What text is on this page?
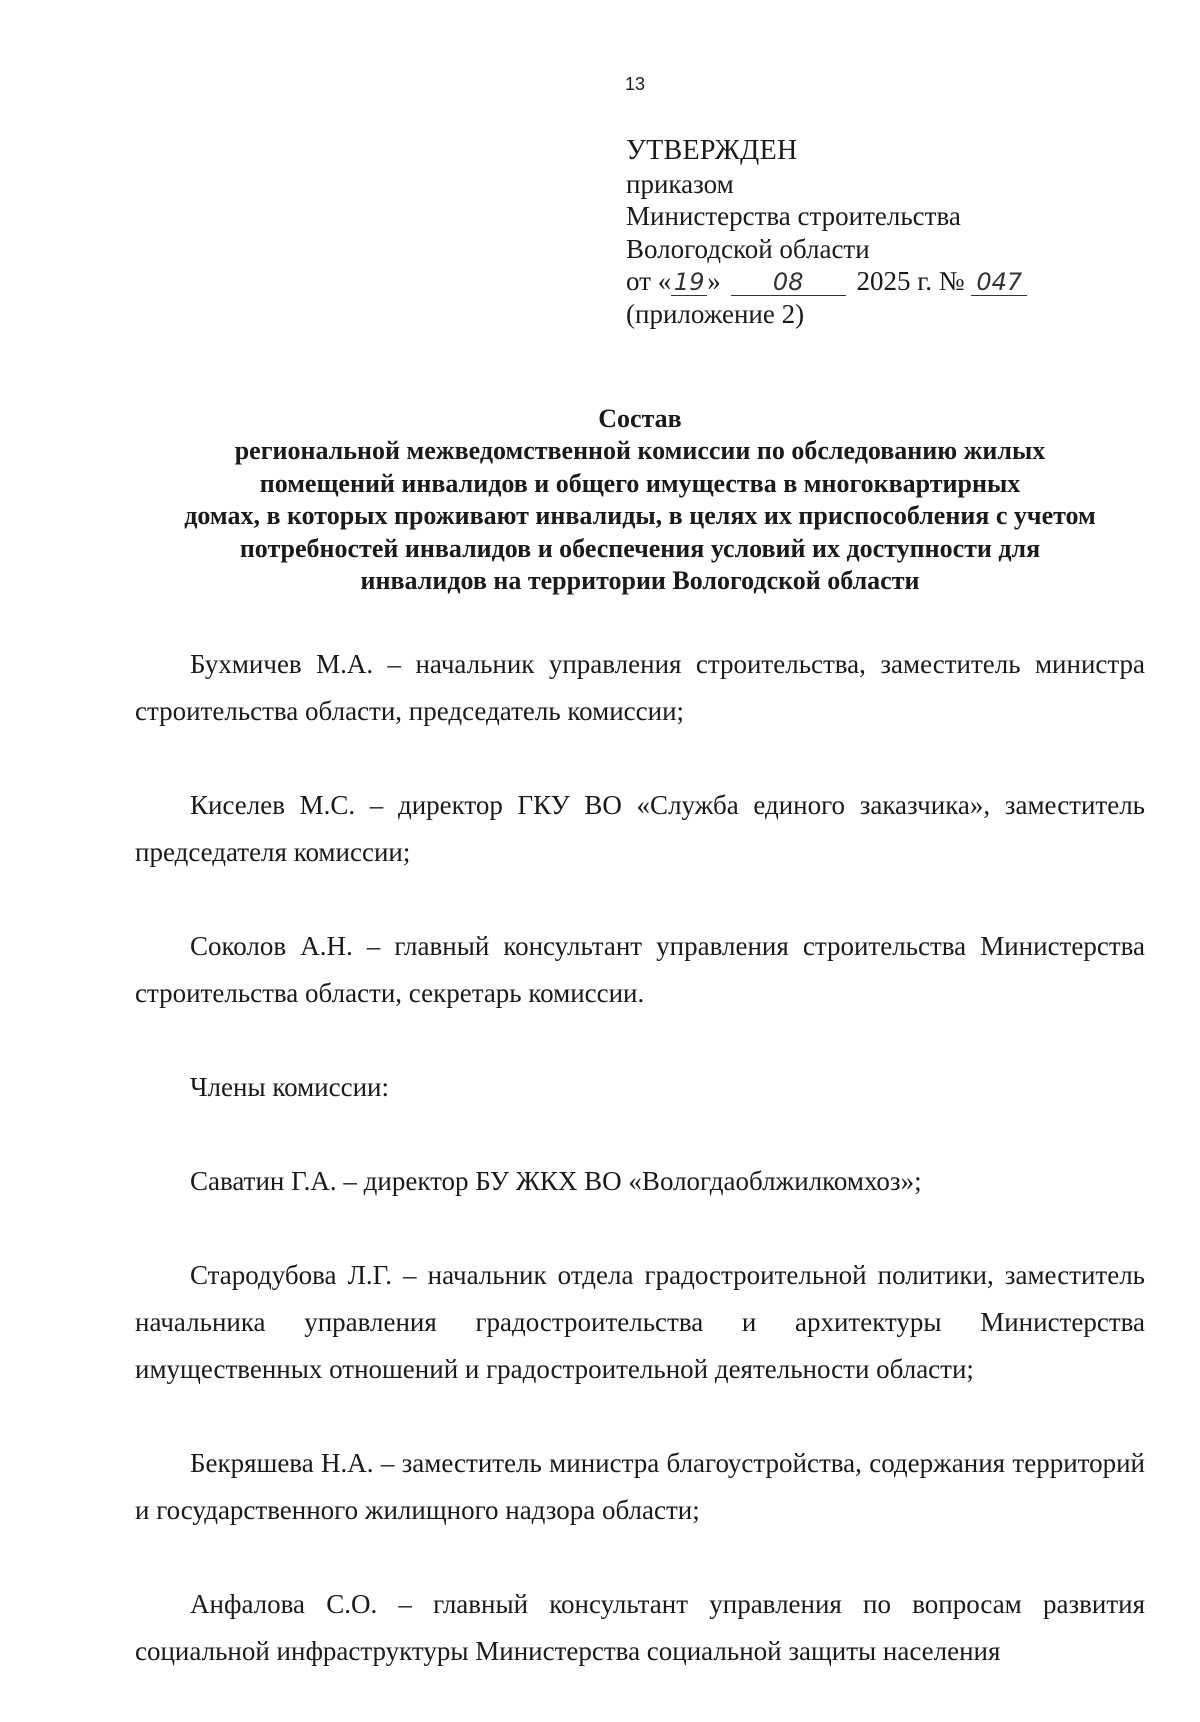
13
УТВЕРЖДЕН
приказом
Министерства строительства
Вологодской области
от « 19 » 08 2025 г. № 047
(приложение 2)
Состав
региональной межведомственной комиссии по обследованию жилых
помещений инвалидов и общего имущества в многоквартирных
домах, в которых проживают инвалиды, в целях их приспособления с учетом
потребностей инвалидов и обеспечения условий их доступности для
инвалидов на территории Вологодской области

Бухмичев М.А. – начальник управления строительства, заместитель министра строительства области, председатель комиссии;

Киселев М.С. – директор ГКУ ВО «Служба единого заказчика», заместитель председателя комиссии;

Соколов А.Н. – главный консультант управления строительства Министерства строительства области, секретарь комиссии.

Члены комиссии:

Саватин Г.А. – директор БУ ЖКХ ВО «Вологдаоблжилкомхоз»;

Стародубова Л.Г. – начальник отдела градостроительной политики, заместитель начальника управления градостроительства и архитектуры Министерства имущественных отношений и градостроительной деятельности области;

Бекряшева Н.А. – заместитель министра благоустройства, содержания территорий и государственного жилищного надзора области;

Анфалова С.О. – главный консультант управления по вопросам развития социальной инфраструктуры Министерства социальной защиты населения
